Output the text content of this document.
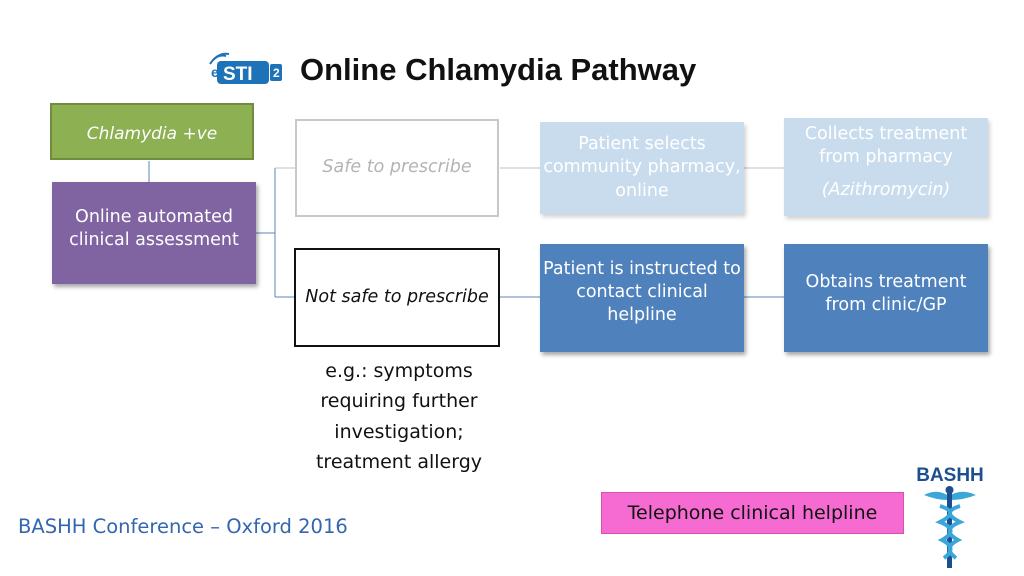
e STI 2 Online Chlamydia Pathway
Chlamydia +ve
Online automated clinical assessment
Safe to prescribe
Not safe to prescribe
Patient selects community pharmacy, online
Collects treatment from pharmacy
(Azithromycin)
Patient is instructed to contact clinical helpline
Obtains treatment from clinic/GP
e.g.: symptoms requiring further investigation; treatment allergy
Telephone clinical helpline
BASHH Conference – Oxford 2016
BASHH
